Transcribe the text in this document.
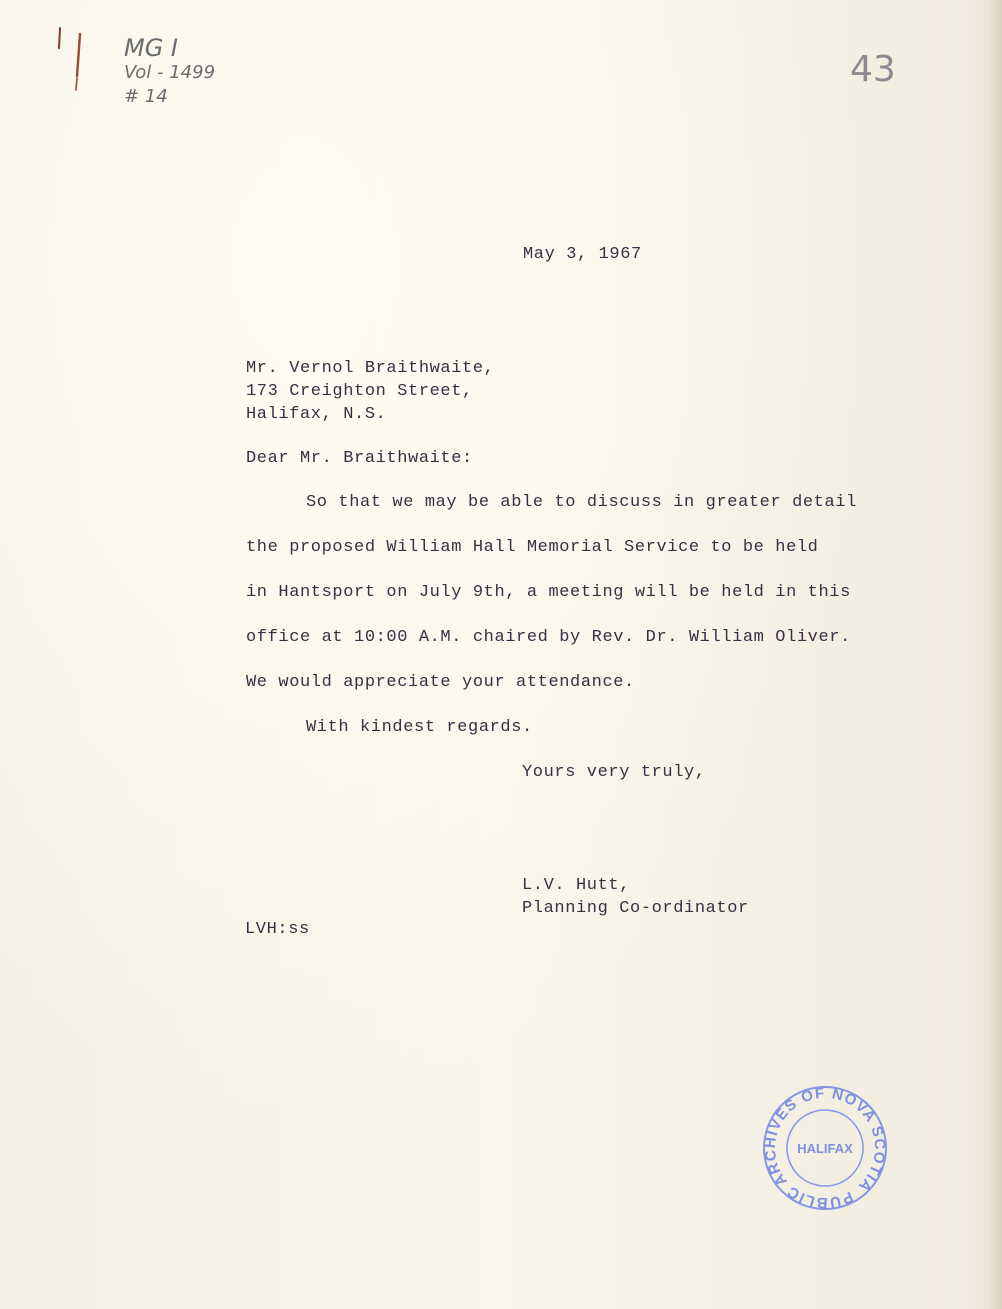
MG I

Vol - 1499

# 14

43

May 3, 1967

Mr. Vernol Braithwaite,

173 Creighton Street,

Halifax, N.S.

Dear Mr. Braithwaite:

So that we may be able to discuss in greater detail

the proposed William Hall Memorial Service to be held

in Hantsport on July 9th, a meeting will be held in this

office at 10:00 A.M. chaired by Rev. Dr. William Oliver.

We would appreciate your attendance.

With kindest regards.

Yours very truly,

L.V. Hutt,

Planning Co-ordinator

LVH:ss

PUBLIC ARCHIVES OF NOVA SCOTIA
HALIFAX
